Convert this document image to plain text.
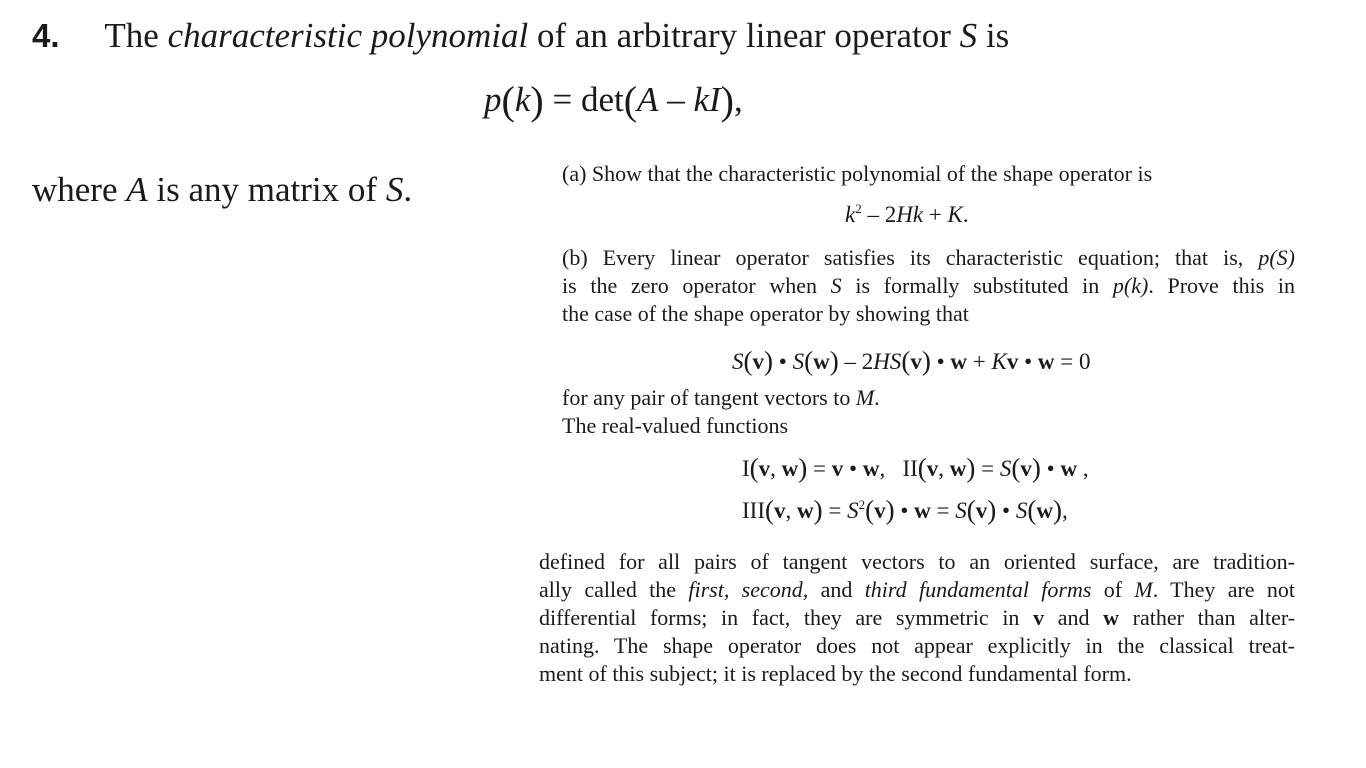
4. The characteristic polynomial of an arbitrary linear operator S is
p(k) = det(A – kI),
where A is any matrix of S.	(a) Show that the characteristic polynomial of the shape operator is
$k^2 - 2Hk + K$.
(b) Every linear operator satisfies its characteristic equation; that is, p(S)
is the zero operator when S is formally substituted in p(k). Prove this in
the case of the shape operator by showing that
S(v) • S(w) – 2HS(v) • w + Kv • w = 0
for any pair of tangent vectors to M.
The real-valued functions
I(v, w) = v • w,   II(v, w) = S(v) • w ,
III(v, $w) = S^2(v)$ • w = S(v) • S(w),
defined for all pairs of tangent vectors to an oriented surface, are tradition-
ally called the first, second, and third fundamental forms of M. They are not
differential forms; in fact, they are symmetric in v and w rather than alter-
nating. The shape operator does not appear explicitly in the classical treat-
ment of this subject; it is replaced by the second fundamental form.
